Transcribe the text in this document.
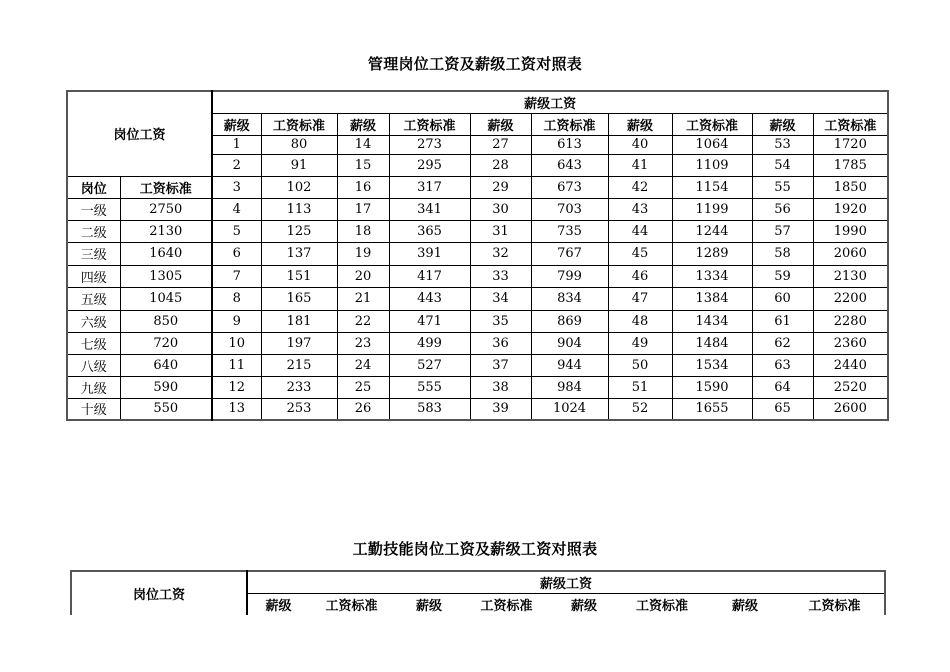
管理岗位工资及薪级工资对照表
岗位工资		薪级工资									
		薪级	工资标准	薪级	工资标准	薪级	工资标准	薪级	工资标准	薪级	工资标准
		1	80	14	273	27	613	40	1064	53	1720
		2	91	15	295	28	643	41	1109	54	1785
岗位	工资标准	3	102	16	317	29	673	42	1154	55	1850
一级	2750	4	113	17	341	30	703	43	1199	56	1920
二级	2130	5	125	18	365	31	735	44	1244	57	1990
三级	1640	6	137	19	391	32	767	45	1289	58	2060
四级	1305	7	151	20	417	33	799	46	1334	59	2130
五级	1045	8	165	21	443	34	834	47	1384	60	2200
六级	850	9	181	22	471	35	869	48	1434	61	2280
七级	720	10	197	23	499	36	904	49	1484	62	2360
八级	640	11	215	24	527	37	944	50	1534	63	2440
九级	590	12	233	25	555	38	984	51	1590	64	2520
十级	550	13	253	26	583	39	1024	52	1655	65	2600
工勤技能岗位工资及薪级工资对照表
岗位工资	薪级工资							
	薪级	工资标准	薪级	工资标准	薪级	工资标准	薪级	工资标准
